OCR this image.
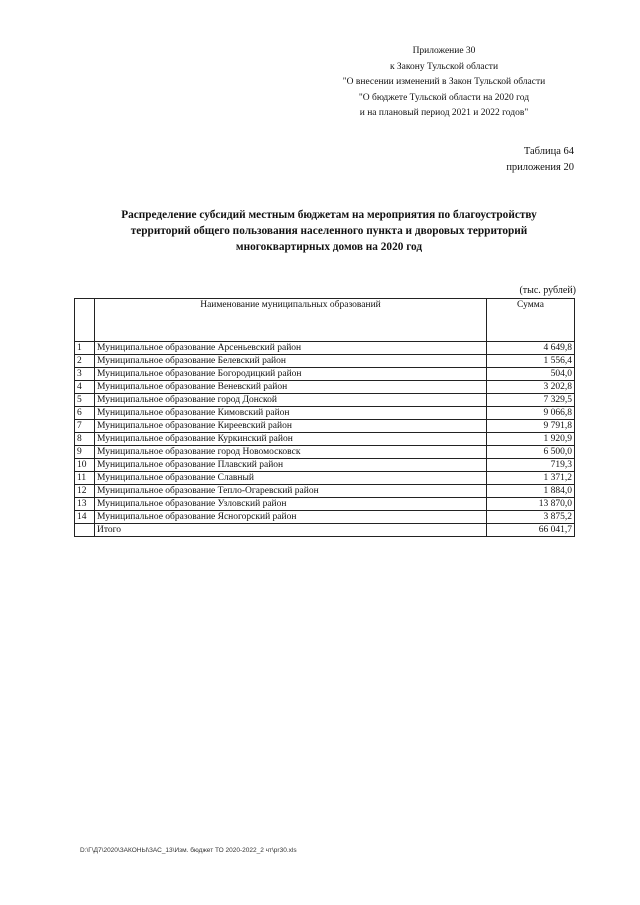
Приложение 30
к Закону Тульской области
"О внесении изменений в Закон Тульской области
"О бюджете Тульской области на 2020 год
и на плановый период 2021 и 2022 годов"
Таблица 64
приложения 20
Распределение субсидий местным бюджетам на мероприятия по благоустройству
территорий общего пользования населенного пункта и дворовых территорий
многоквартирных домов на 2020 год
(тыс. рублей)
	Наименование муниципальных образований	Сумма
1	Муниципальное образование Арсеньевский район	4 649,8
2	Муниципальное образование Белевский район	1 556,4
3	Муниципальное образование Богородицкий район	504,0
4	Муниципальное образование Веневский район	3 202,8
5	Муниципальное образование город Донской	7 329,5
6	Муниципальное образование Кимовский район	9 066,8
7	Муниципальное образование Киреевский район	9 791,8
8	Муниципальное образование Куркинский район	1 920,9
9	Муниципальное образование город Новомосковск	6 500,0
10	Муниципальное образование Плавский район	719,3
11	Муниципальное образование Славный	1 371,2
12	Муниципальное образование Тепло-Огаревский район	1 884,0
13	Муниципальное образование Узловский район	13 870,0
14	Муниципальное образование Ясногорский район	3 875,2
	Итого	66 041,7
D:\Г\Д7\2020\ЗАКОНЫ\ЗАС_13\Изм. бюджет ТО 2020-2022_2 чт\pr30.xls
